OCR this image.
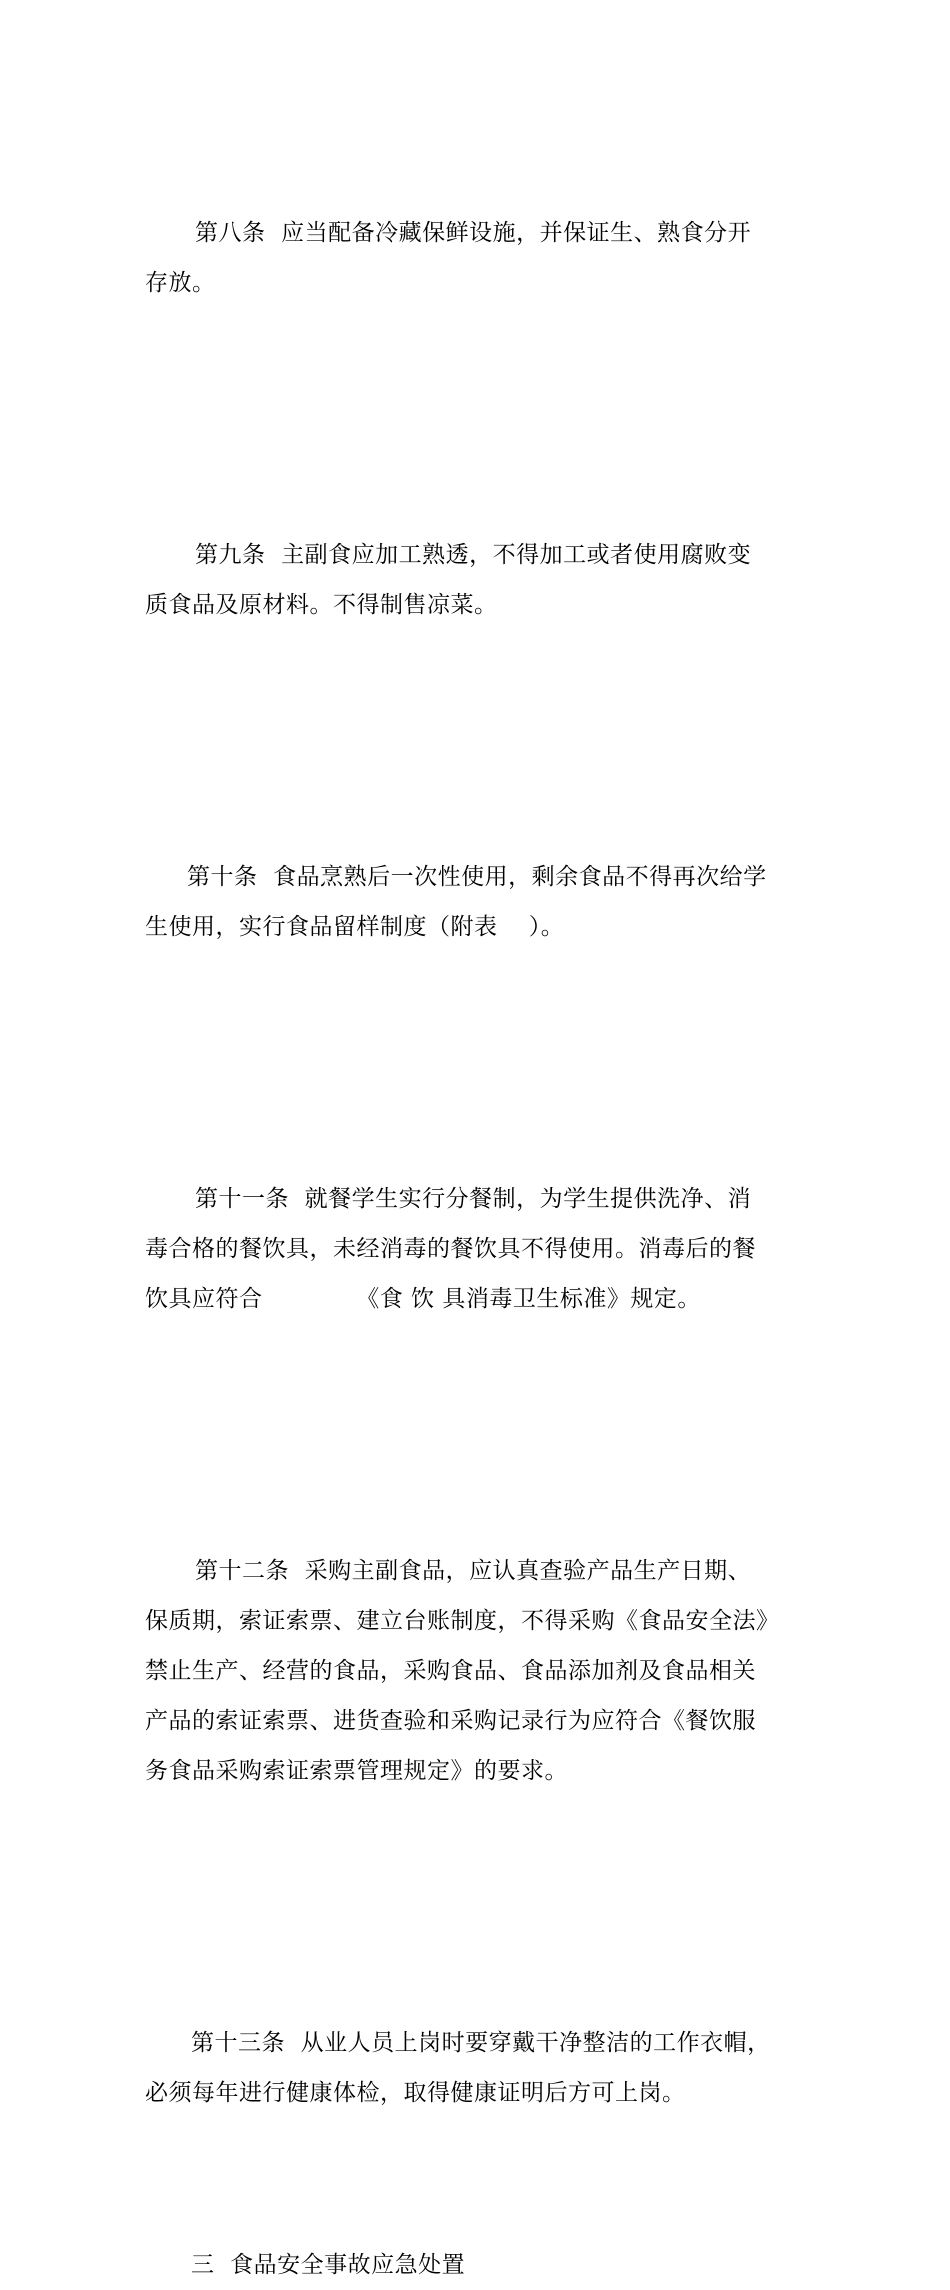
第八条  应当配备冷藏保鲜设施，并保证生、熟食分开
存放。

第九条  主副食应加工熟透，不得加工或者使用腐败变
质食品及原材料。不得制售凉菜。

第十条  食品烹熟后一次性使用，剩余食品不得再次给学
生使用，实行食品留样制度（附表    ）。

第十一条  就餐学生实行分餐制，为学生提供洗净、消
毒合格的餐饮具，未经消毒的餐饮具不得使用。消毒后的餐
饮具应符合            《食 饮 具消毒卫生标准》规定。

第十二条  采购主副食品，应认真查验产品生产日期、
保质期，索证索票、建立台账制度，不得采购《食品安全法》
禁止生产、经营的食品，采购食品、食品添加剂及食品相关
产品的索证索票、进货查验和采购记录行为应符合《餐饮服
务食品采购索证索票管理规定》的要求。

第十三条  从业人员上岗时要穿戴干净整洁的工作衣帽，
必须每年进行健康体检，取得健康证明后方可上岗。

三  食品安全事故应急处置
